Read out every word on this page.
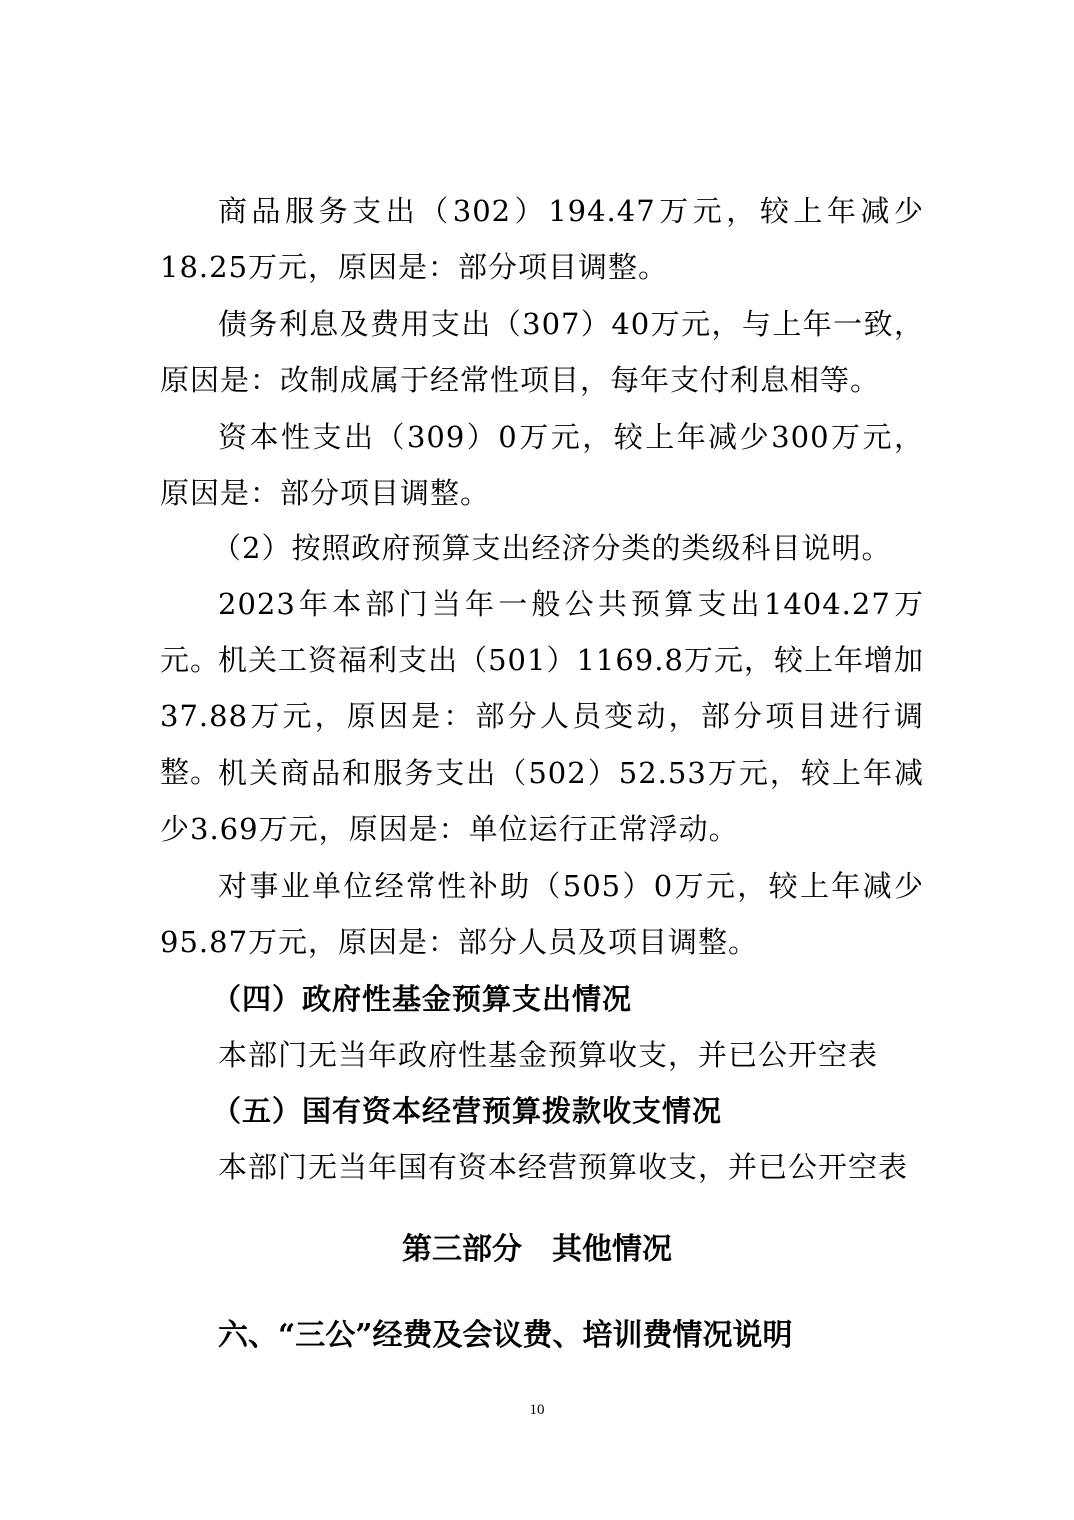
商品服务支出（302）194.47万元，较上年减少18.25万元，原因是：部分项目调整。

债务利息及费用支出（307）40万元，与上年一致，原因是：改制成属于经常性项目，每年支付利息相等。

资本性支出（309）0万元，较上年减少300万元，原因是：部分项目调整。

（2）按照政府预算支出经济分类的类级科目说明。

2023年本部门当年一般公共预算支出1404.27万元。

机关工资福利支出（501）1169.8万元，较上年增加37.88万元，原因是：部分人员变动，部分项目进行调整。

机关商品和服务支出（502）52.53万元，较上年减少3.69万元，原因是：单位运行正常浮动。

对事业单位经常性补助（505）0万元，较上年减少95.87万元，原因是：部分人员及项目调整。

（四）政府性基金预算支出情况

本部门无当年政府性基金预算收支，并已公开空表

（五）国有资本经营预算拨款收支情况

本部门无当年国有资本经营预算收支，并已公开空表

第三部分　其他情况
六、“三公”经费及会议费、培训费情况说明
10
